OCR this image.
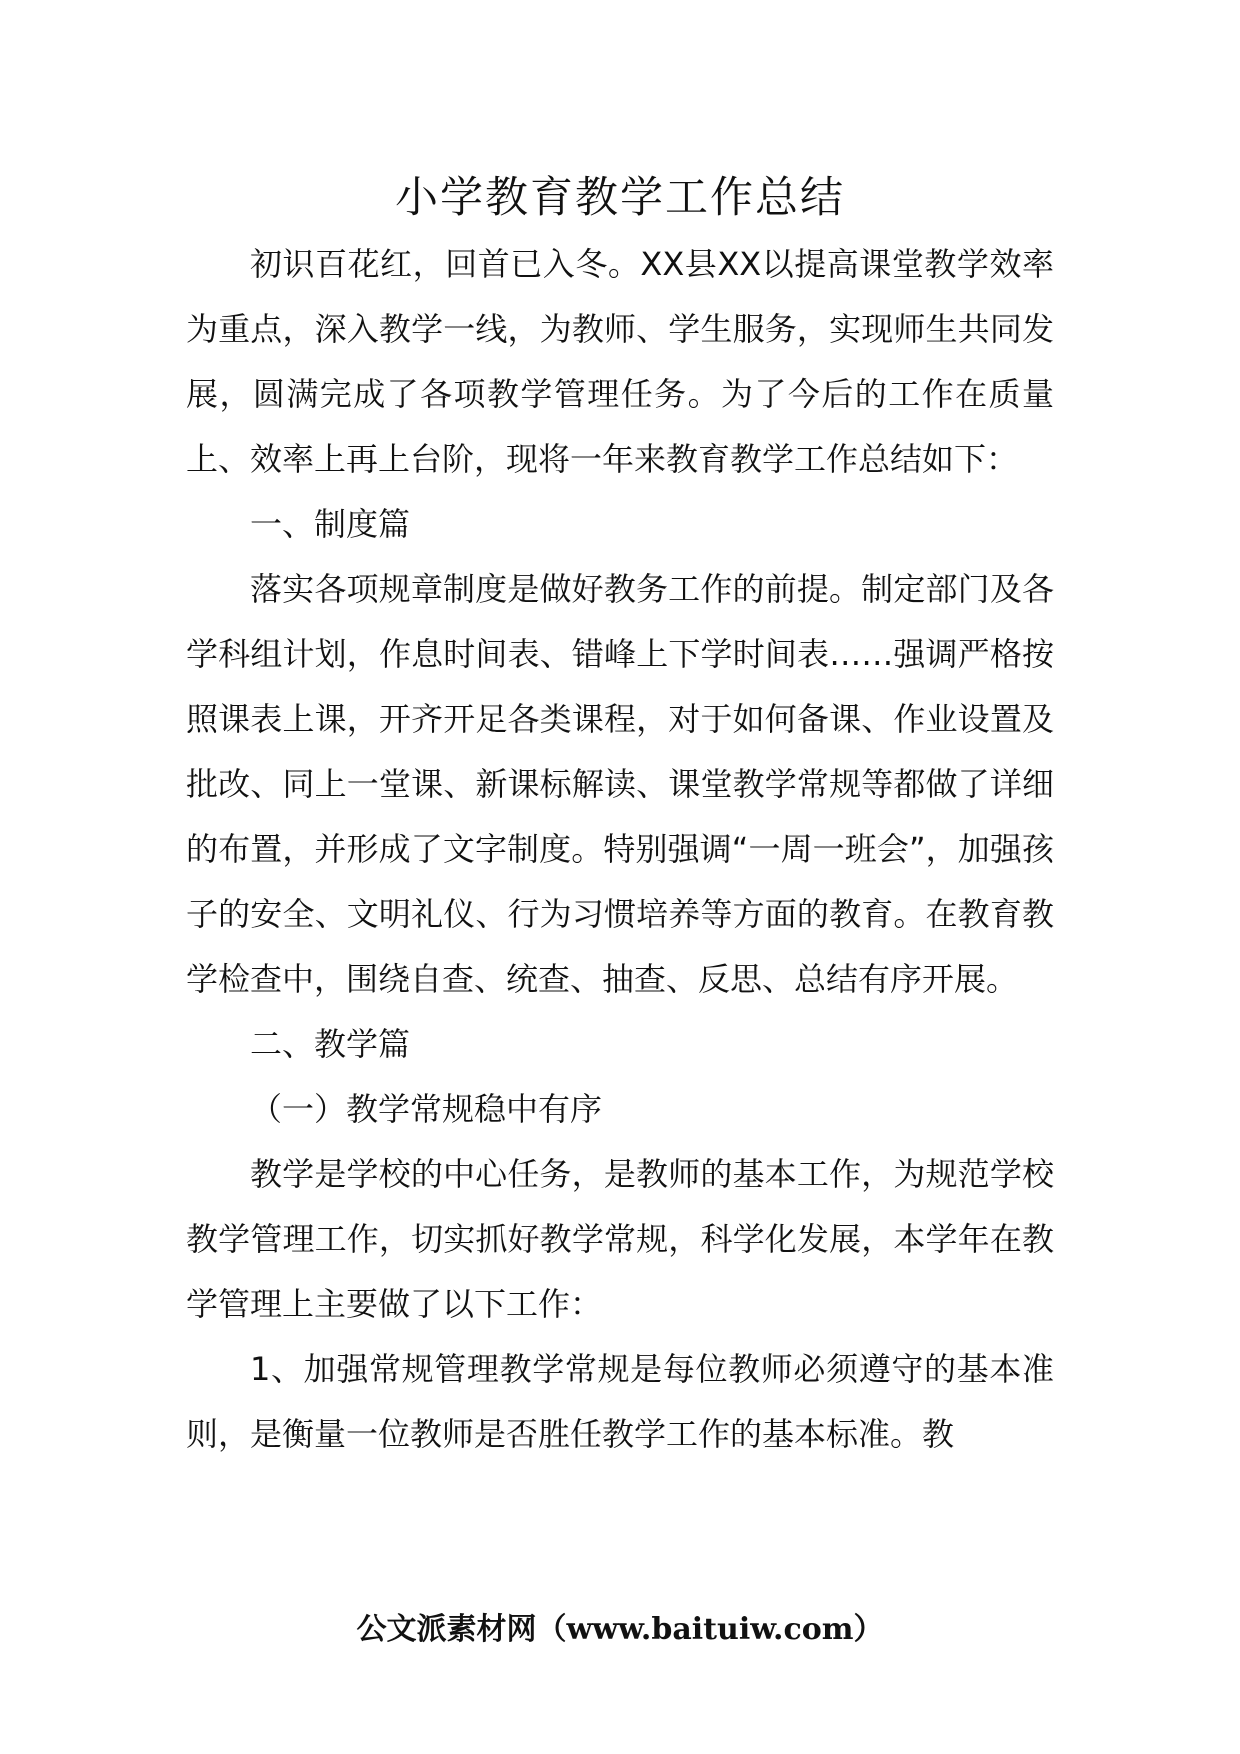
小学教育教学工作总结

初识百花红，回首已入冬。XX县XX以提高课堂教学效率为重点，深入教学一线，为教师、学生服务，实现师生共同发展，圆满完成了各项教学管理任务。为了今后的工作在质量上、效率上再上台阶，现将一年来教育教学工作总结如下：

一、制度篇

落实各项规章制度是做好教务工作的前提。制定部门及各学科组计划，作息时间表、错峰上下学时间表……强调严格按照课表上课，开齐开足各类课程，对于如何备课、作业设置及批改、同上一堂课、新课标解读、课堂教学常规等都做了详细的布置，并形成了文字制度。特别强调“一周一班会”，加强孩子的安全、文明礼仪、行为习惯培养等方面的教育。在教育教学检查中，围绕自查、统查、抽查、反思、总结有序开展。

二、教学篇

（一）教学常规稳中有序

教学是学校的中心任务，是教师的基本工作，为规范学校教学管理工作，切实抓好教学常规，科学化发展，本学年在教学管理上主要做了以下工作：

1、加强常规管理教学常规是每位教师必须遵守的基本准则，是衡量一位教师是否胜任教学工作的基本标准。教

公文派素材网（www.baituiw.com）
